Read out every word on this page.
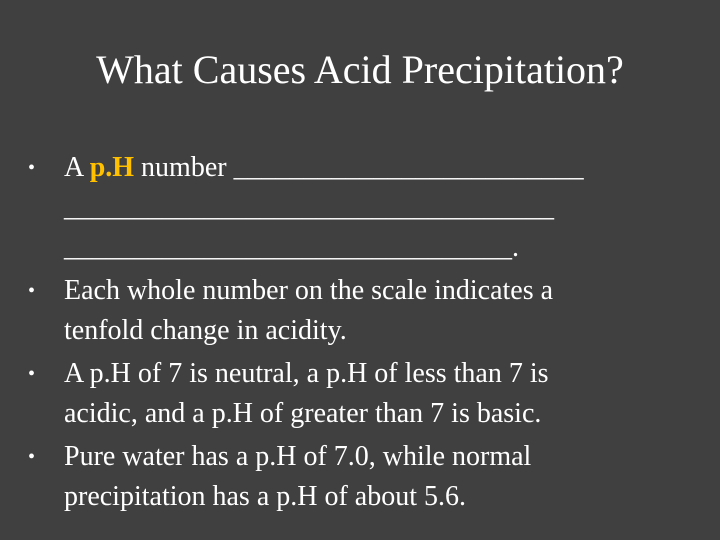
What Causes Acid Precipitation?
•	A p.H number _________________________
___________________________________
________________________________.
•	Each whole number on the scale indicates a
tenfold change in acidity.
•	A p.H of 7 is neutral, a p.H of less than 7 is
acidic, and a p.H of greater than 7 is basic.
•	Pure water has a p.H of 7.0, while normal
precipitation has a p.H of about 5.6.
